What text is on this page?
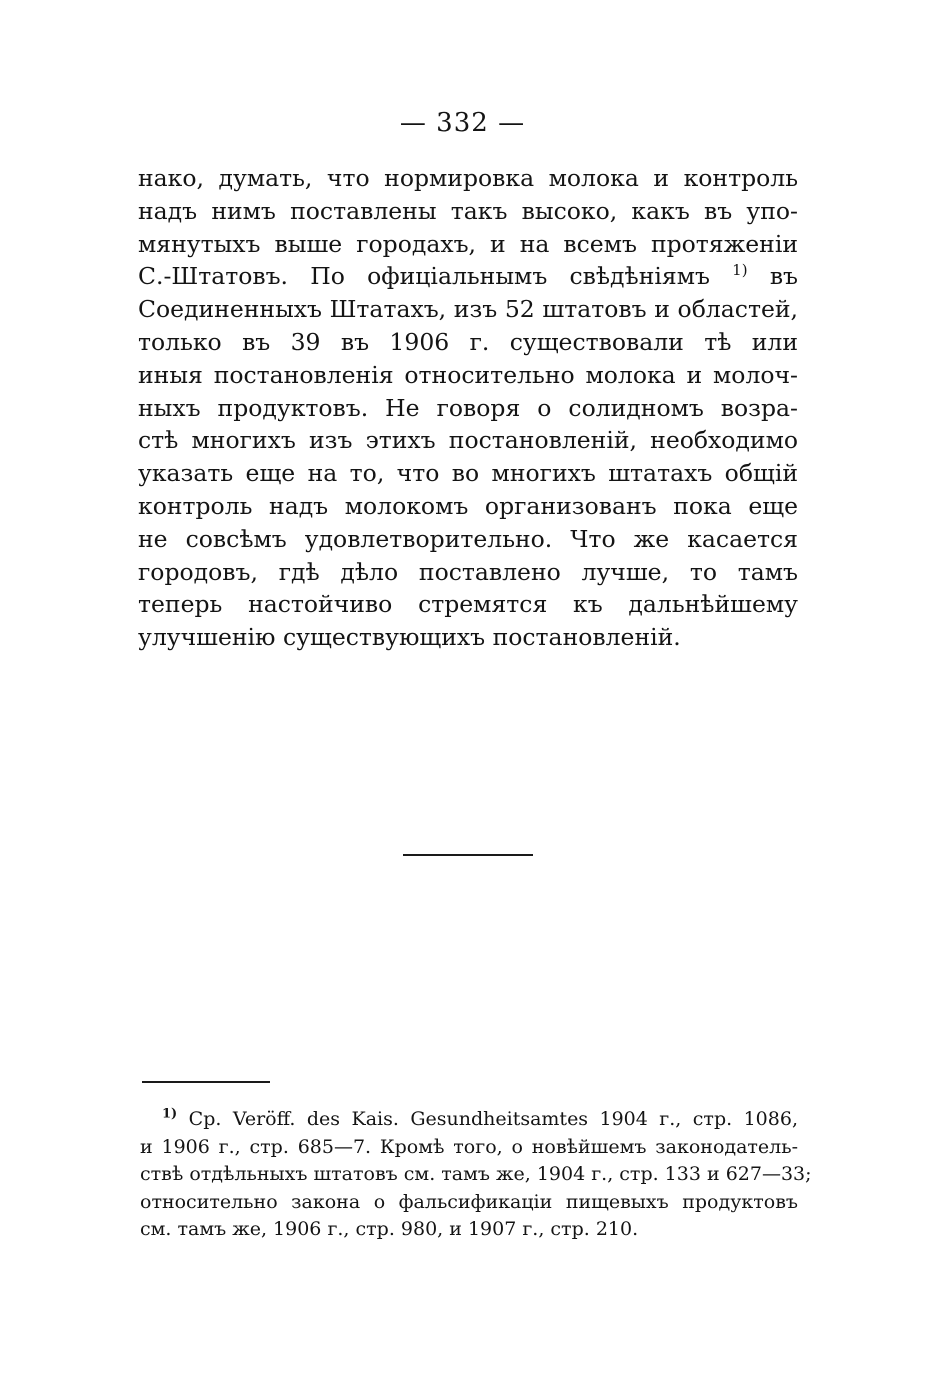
— 332 —
нако, думать, что нормировка молока и контроль
надъ нимъ поставлены такъ высоко, какъ въ упо-
мянутыхъ выше городахъ, и на всемъ протяженіи
С.-Штатовъ. По офиціальнымъ свѣдѣніямъ $^{1)}$ въ
Соединенныхъ Штатахъ, изъ 52 штатовъ и областей,
только въ 39 въ 1906 г. существовали тѣ или
иныя постановленія относительно молока и молоч-
ныхъ продуктовъ. Не говоря о солидномъ возра-
стѣ многихъ изъ этихъ постановленій, необходимо
указать еще на то, что во многихъ штатахъ общій
контроль надъ молокомъ организованъ пока еще
не совсѣмъ удовлетворительно. Что же касается
городовъ, гдѣ дѣло поставлено лучше, то тамъ
теперь настойчиво стремятся къ дальнѣйшему
улучшенію существующихъ постановленій.
$^{1)}$ Ср. Veröff. des Kais. Gesundheitsamtes 1904 г., стр. 1086,
и 1906 г., стр. 685—7. Кромѣ того, о новѣйшемъ законодатель-
ствѣ отдѣльныхъ штатовъ см. тамъ же, 1904 г., стр. 133 и 627—33;
относительно закона о фальсификаціи пищевыхъ продуктовъ
см. тамъ же, 1906 г., стр. 980, и 1907 г., стр. 210.
